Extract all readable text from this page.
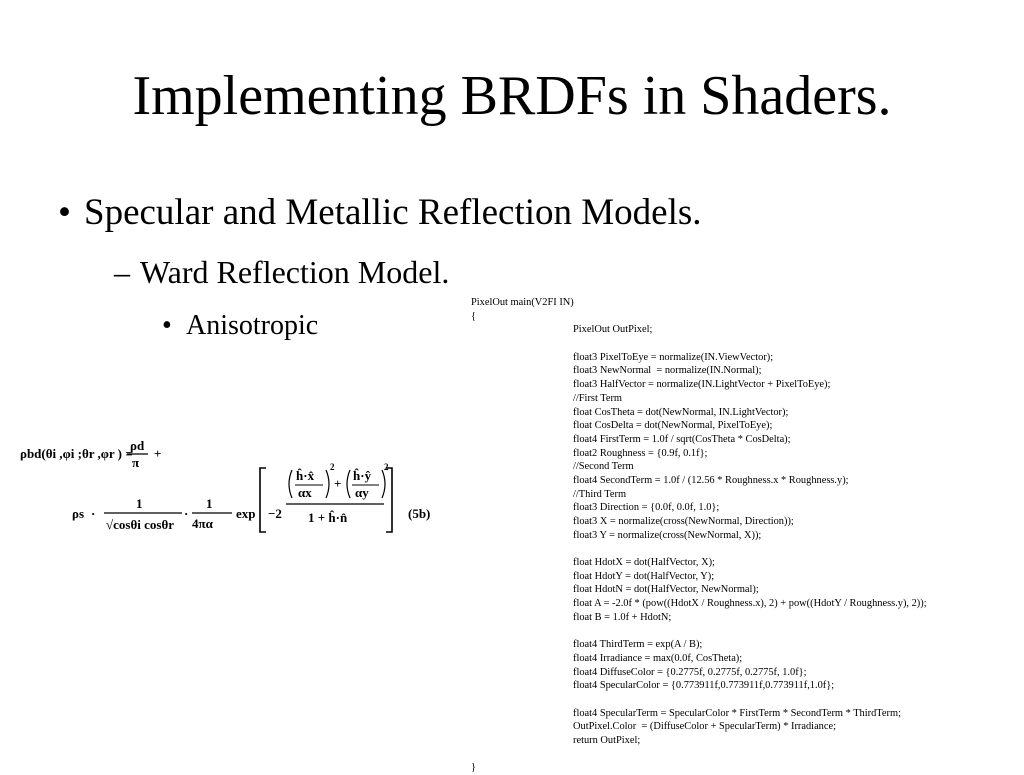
Implementing BRDFs in Shaders.
• Specular and Metallic Reflection Models.
– Ward Reflection Model.
• Anisotropic
ρbd(θi ,φi ;θr ,φr ) =
ρd
π
+
ρs ·
1
√cosθi cosθr
·
1
4πα
exp −2
ĥ·x̂
αx
2
+
ĥ·ŷ
αy
2
1 + ĥ·n̂	(5b)
PixelOut main(V2FI IN)
{
PixelOut OutPixel;
float3 PixelToEye = normalize(IN.ViewVector);
float3 NewNormal  = normalize(IN.Normal);
float3 HalfVector = normalize(IN.LightVector + PixelToEye);
//First Term
float CosTheta = dot(NewNormal, IN.LightVector);
float CosDelta = dot(NewNormal, PixelToEye);
float4 FirstTerm = 1.0f / sqrt(CosTheta * CosDelta);
float2 Roughness = {0.9f, 0.1f};
//Second Term
float4 SecondTerm = 1.0f / (12.56 * Roughness.x * Roughness.y);
//Third Term
float3 Direction = {0.0f, 0.0f, 1.0};
float3 X = normalize(cross(NewNormal, Direction));
float3 Y = normalize(cross(NewNormal, X));
float HdotX = dot(HalfVector, X);
float HdotY = dot(HalfVector, Y);
float HdotN = dot(HalfVector, NewNormal);
float A = -2.0f * (pow((HdotX / Roughness.x), 2) + pow((HdotY / Roughness.y), 2));
float B = 1.0f + HdotN;
float4 ThirdTerm = exp(A / B);
float4 Irradiance = max(0.0f, CosTheta);
float4 DiffuseColor = {0.2775f, 0.2775f, 0.2775f, 1.0f};
float4 SpecularColor = {0.773911f,0.773911f,0.773911f,1.0f};
float4 SpecularTerm = SpecularColor * FirstTerm * SecondTerm * ThirdTerm;
OutPixel.Color  = (DiffuseColor + SpecularTerm) * Irradiance;
return OutPixel;
}
